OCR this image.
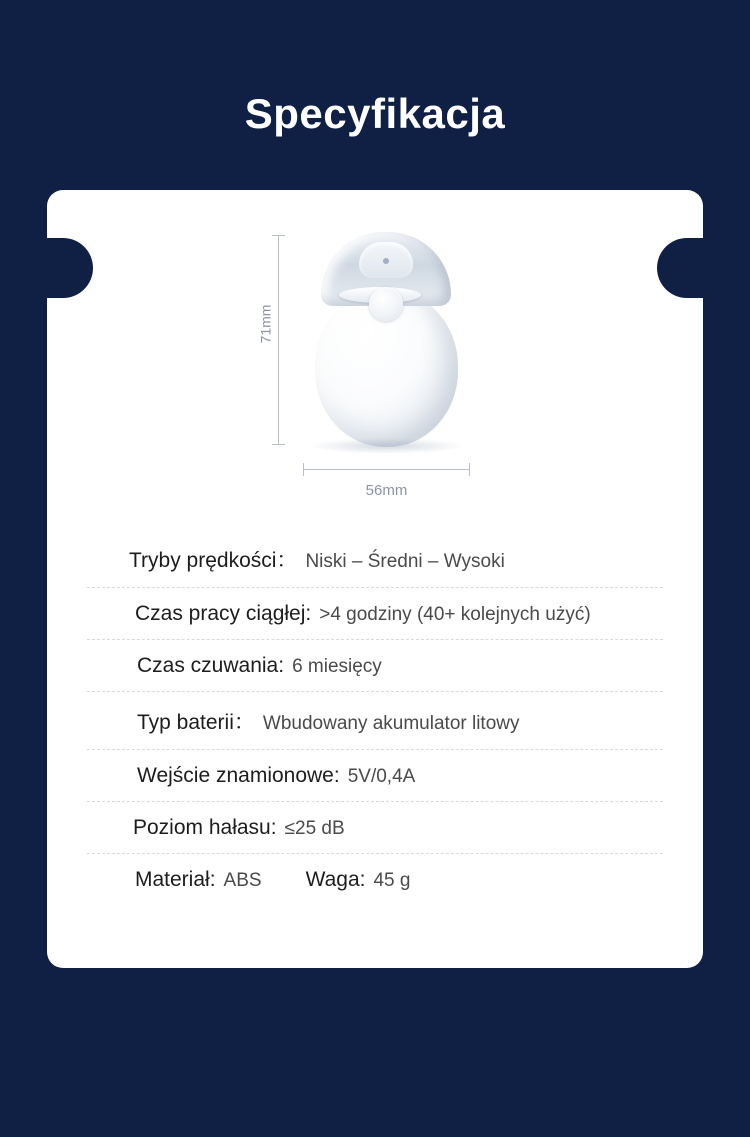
Specyfikacja
71mm
56mm
Tryby prędkości： Niski – Średni – Wysoki
Czas pracy ciągłej: >4 godziny (40+ kolejnych użyć)
Czas czuwania: 6 miesięcy
Typ baterii： Wbudowany akumulator litowy
Wejście znamionowe: 5V/0,4A
Poziom hałasu: ≤25 dB
Materiał: ABS Waga: 45 g
